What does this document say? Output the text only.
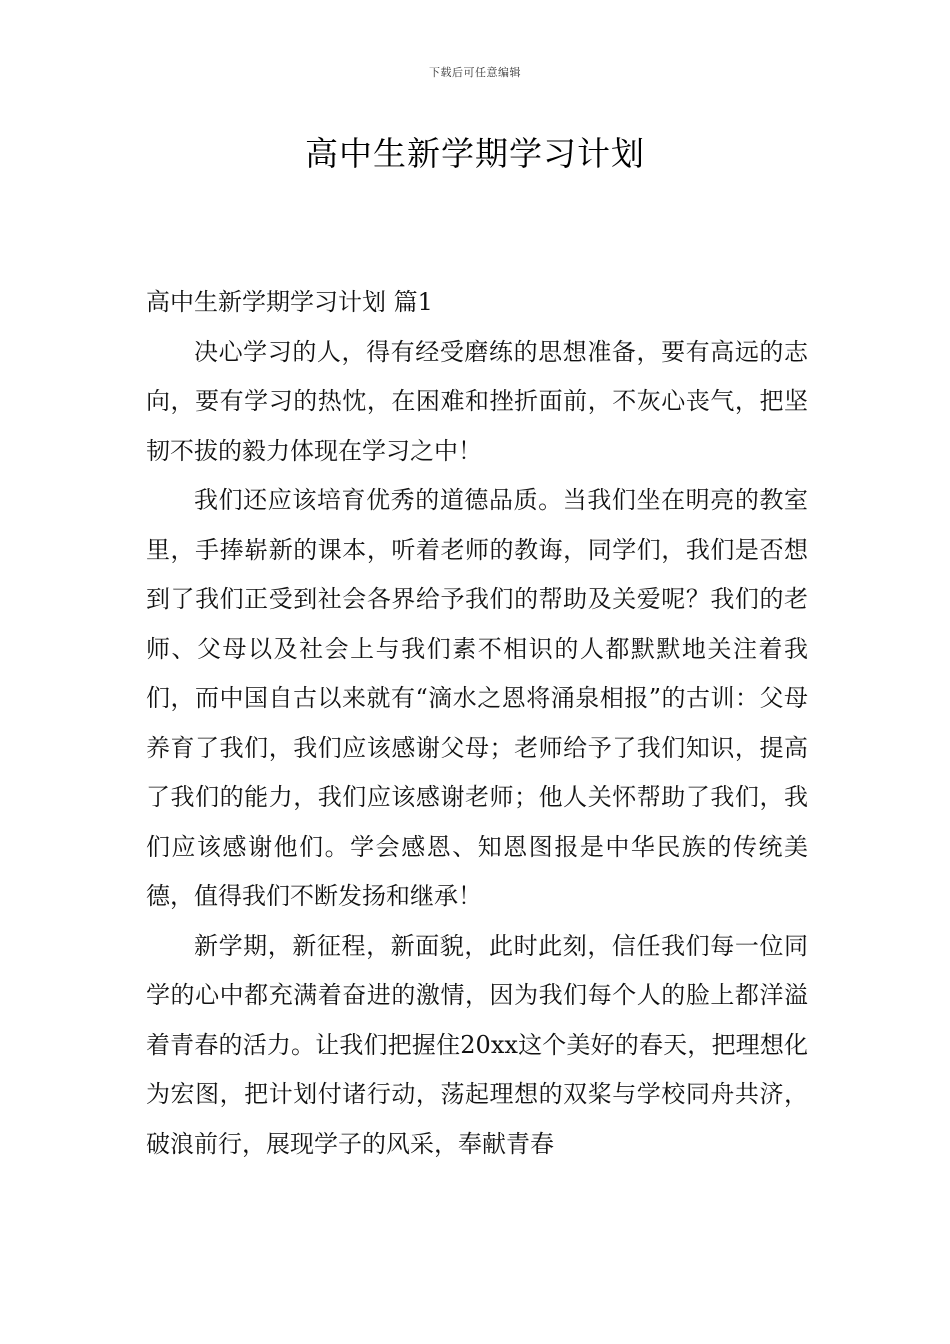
下载后可任意编辑
高中生新学期学习计划
高中生新学期学习计划 篇1

决心学习的人，得有经受磨练的思想准备，要有高远的志向，要有学习的热忱，在困难和挫折面前，不灰心丧气，把坚韧不拔的毅力体现在学习之中！

我们还应该培育优秀的道德品质。当我们坐在明亮的教室里，手捧崭新的课本，听着老师的教诲，同学们，我们是否想到了我们正受到社会各界给予我们的帮助及关爱呢？我们的老师、父母以及社会上与我们素不相识的人都默默地关注着我们，而中国自古以来就有“滴水之恩将涌泉相报”的古训：父母养育了我们，我们应该感谢父母；老师给予了我们知识，提高了我们的能力，我们应该感谢老师；他人关怀帮助了我们，我们应该感谢他们。学会感恩、知恩图报是中华民族的传统美德，值得我们不断发扬和继承！

新学期，新征程，新面貌，此时此刻，信任我们每一位同学的心中都充满着奋进的激情，因为我们每个人的脸上都洋溢着青春的活力。让我们把握住20xx这个美好的春天，把理想化为宏图，把计划付诸行动，荡起理想的双桨与学校同舟共济，破浪前行，展现学子的风采，奉献青春
